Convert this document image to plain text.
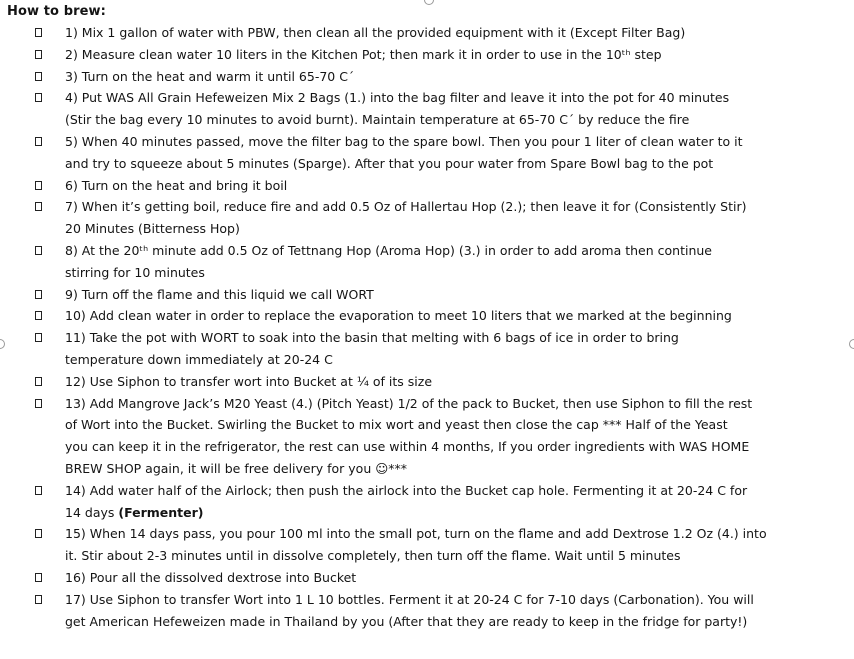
How to brew:
1) Mix 1 gallon of water with PBW, then clean all the provided equipment with it (Except Filter Bag)
2) Measure clean water 10 liters in the Kitchen Pot; then mark it in order to use in the 10ᵗʰ step
3) Turn on the heat and warm it until 65-70 C´
4) Put WAS All Grain Hefeweizen Mix 2 Bags (1.) into the bag filter and leave it into the pot for 40 minutes
(Stir the bag every 10 minutes to avoid burnt). Maintain temperature at 65-70 C´ by reduce the fire
5) When 40 minutes passed, move the filter bag to the spare bowl. Then you pour 1 liter of clean water to it
and try to squeeze about 5 minutes (Sparge). After that you pour water from Spare Bowl bag to the pot
6) Turn on the heat and bring it boil
7) When it’s getting boil, reduce fire and add 0.5 Oz of Hallertau Hop (2.); then leave it for (Consistently Stir)
20 Minutes (Bitterness Hop)
8) At the 20ᵗʰ minute add 0.5 Oz of Tettnang Hop (Aroma Hop) (3.) in order to add aroma then continue
stirring for 10 minutes
9) Turn off the flame and this liquid we call WORT
10) Add clean water in order to replace the evaporation to meet 10 liters that we marked at the beginning
11) Take the pot with WORT to soak into the basin that melting with 6 bags of ice in order to bring
temperature down immediately at 20-24 C
12) Use Siphon to transfer wort into Bucket at ¼ of its size
13) Add Mangrove Jack’s M20 Yeast (4.) (Pitch Yeast) 1/2 of the pack to Bucket, then use Siphon to fill the rest
of Wort into the Bucket. Swirling the Bucket to mix wort and yeast then close the cap *** Half of the Yeast
you can keep it in the refrigerator, the rest can use within 4 months, If you order ingredients with WAS HOME
BREW SHOP again, it will be free delivery for you ☺***
14) Add water half of the Airlock; then push the airlock into the Bucket cap hole. Fermenting it at 20-24 C for
14 days (Fermenter)
15) When 14 days pass, you pour 100 ml into the small pot, turn on the flame and add Dextrose 1.2 Oz (4.) into
it. Stir about 2-3 minutes until in dissolve completely, then turn off the flame. Wait until 5 minutes
16) Pour all the dissolved dextrose into Bucket
17) Use Siphon to transfer Wort into 1 L 10 bottles. Ferment it at 20-24 C for 7-10 days (Carbonation). You will
get American Hefeweizen made in Thailand by you (After that they are ready to keep in the fridge for party!)
